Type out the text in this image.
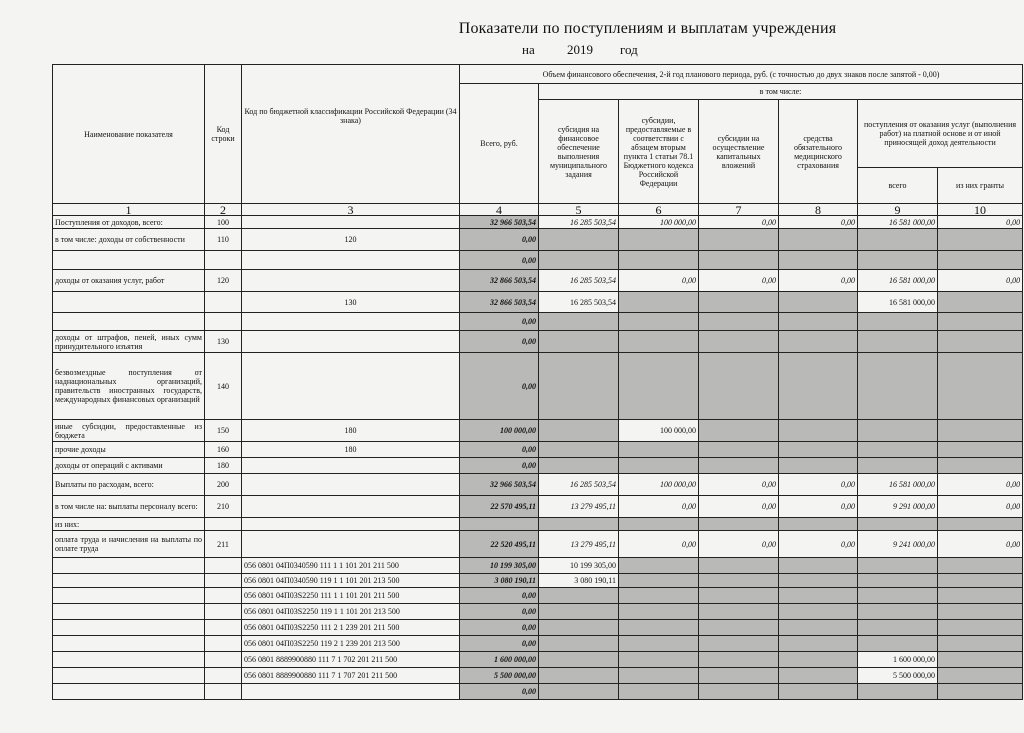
Показатели по поступлениям и выплатам учреждения
на 2019 год
Наименование показателя	Код строки	Код по бюджетной классификации Российской Федерации (34 знака)	Объем финансового обеспечения, 2-й год планового периода, руб. (с точностью до двух знаков после запятой - 0,00)						
			Всего, руб.	в том числе:					
				субсидия на финансовое обеспечение выполнения муниципального задания	субсидии, предоставляемые в соответствии с абзацем вторым пункта 1 статьи 78.1 Бюджетного кодекса Российской Федерации	субсидии на осуществление капитальных вложений	средства обязательного медицинского страхования	поступления от оказания услуг (выполнения работ) на платной основе и от иной приносящей доход деятельности	
								всего	из них гранты
1	2	3	4	5	6	7	8	9	10
Поступления от доходов, всего:	100		32 966 503,54	16 285 503,54	100 000,00	0,00	0,00	16 581 000,00	0,00
в том числе: доходы от собственности	110	120	0,00						
			0,00						
доходы от оказания услуг, работ	120		32 866 503,54	16 285 503,54	0,00	0,00	0,00	16 581 000,00	0,00
		130	32 866 503,54	16 285 503,54				16 581 000,00	
			0,00						
доходы от штрафов, пеней, иных сумм принудительного изъятия	130		0,00						
безвозмездные поступления от наднациональных организаций, правительств иностранных государств, международных финансовых организаций	140		0,00						
иные субсидии, предоставленные из бюджета	150	180	100 000,00		100 000,00				
прочие доходы	160	180	0,00						
доходы от операций с активами	180		0,00						
Выплаты по расходам, всего:	200		32 966 503,54	16 285 503,54	100 000,00	0,00	0,00	16 581 000,00	0,00
в том числе на: выплаты персоналу всего:	210		22 570 495,11	13 279 495,11	0,00	0,00	0,00	9 291 000,00	0,00
из них:									
оплата труда и начисления на выплаты по оплате труда	211		22 520 495,11	13 279 495,11	0,00	0,00	0,00	9 241 000,00	0,00
		056 0801 04П0340590 111 1 1 101 201 211 500	10 199 305,00	10 199 305,00					
		056 0801 04П0340590 119 1 1 101 201 213 500	3 080 190,11	3 080 190,11					
		056 0801 04П03S2250 111 1 1 101 201 211 500	0,00						
		056 0801 04П03S2250 119 1 1 101 201 213 500	0,00						
		056 0801 04П03S2250 111 2 1 239 201 211 500	0,00						
		056 0801 04П03S2250 119 2 1 239 201 213 500	0,00						
		056 0801 8889900880 111 7 1 702 201 211 500	1 600 000,00					1 600 000,00	
		056 0801 8889900880 111 7 1 707 201 211 500	5 500 000,00					5 500 000,00	
			0,00						
